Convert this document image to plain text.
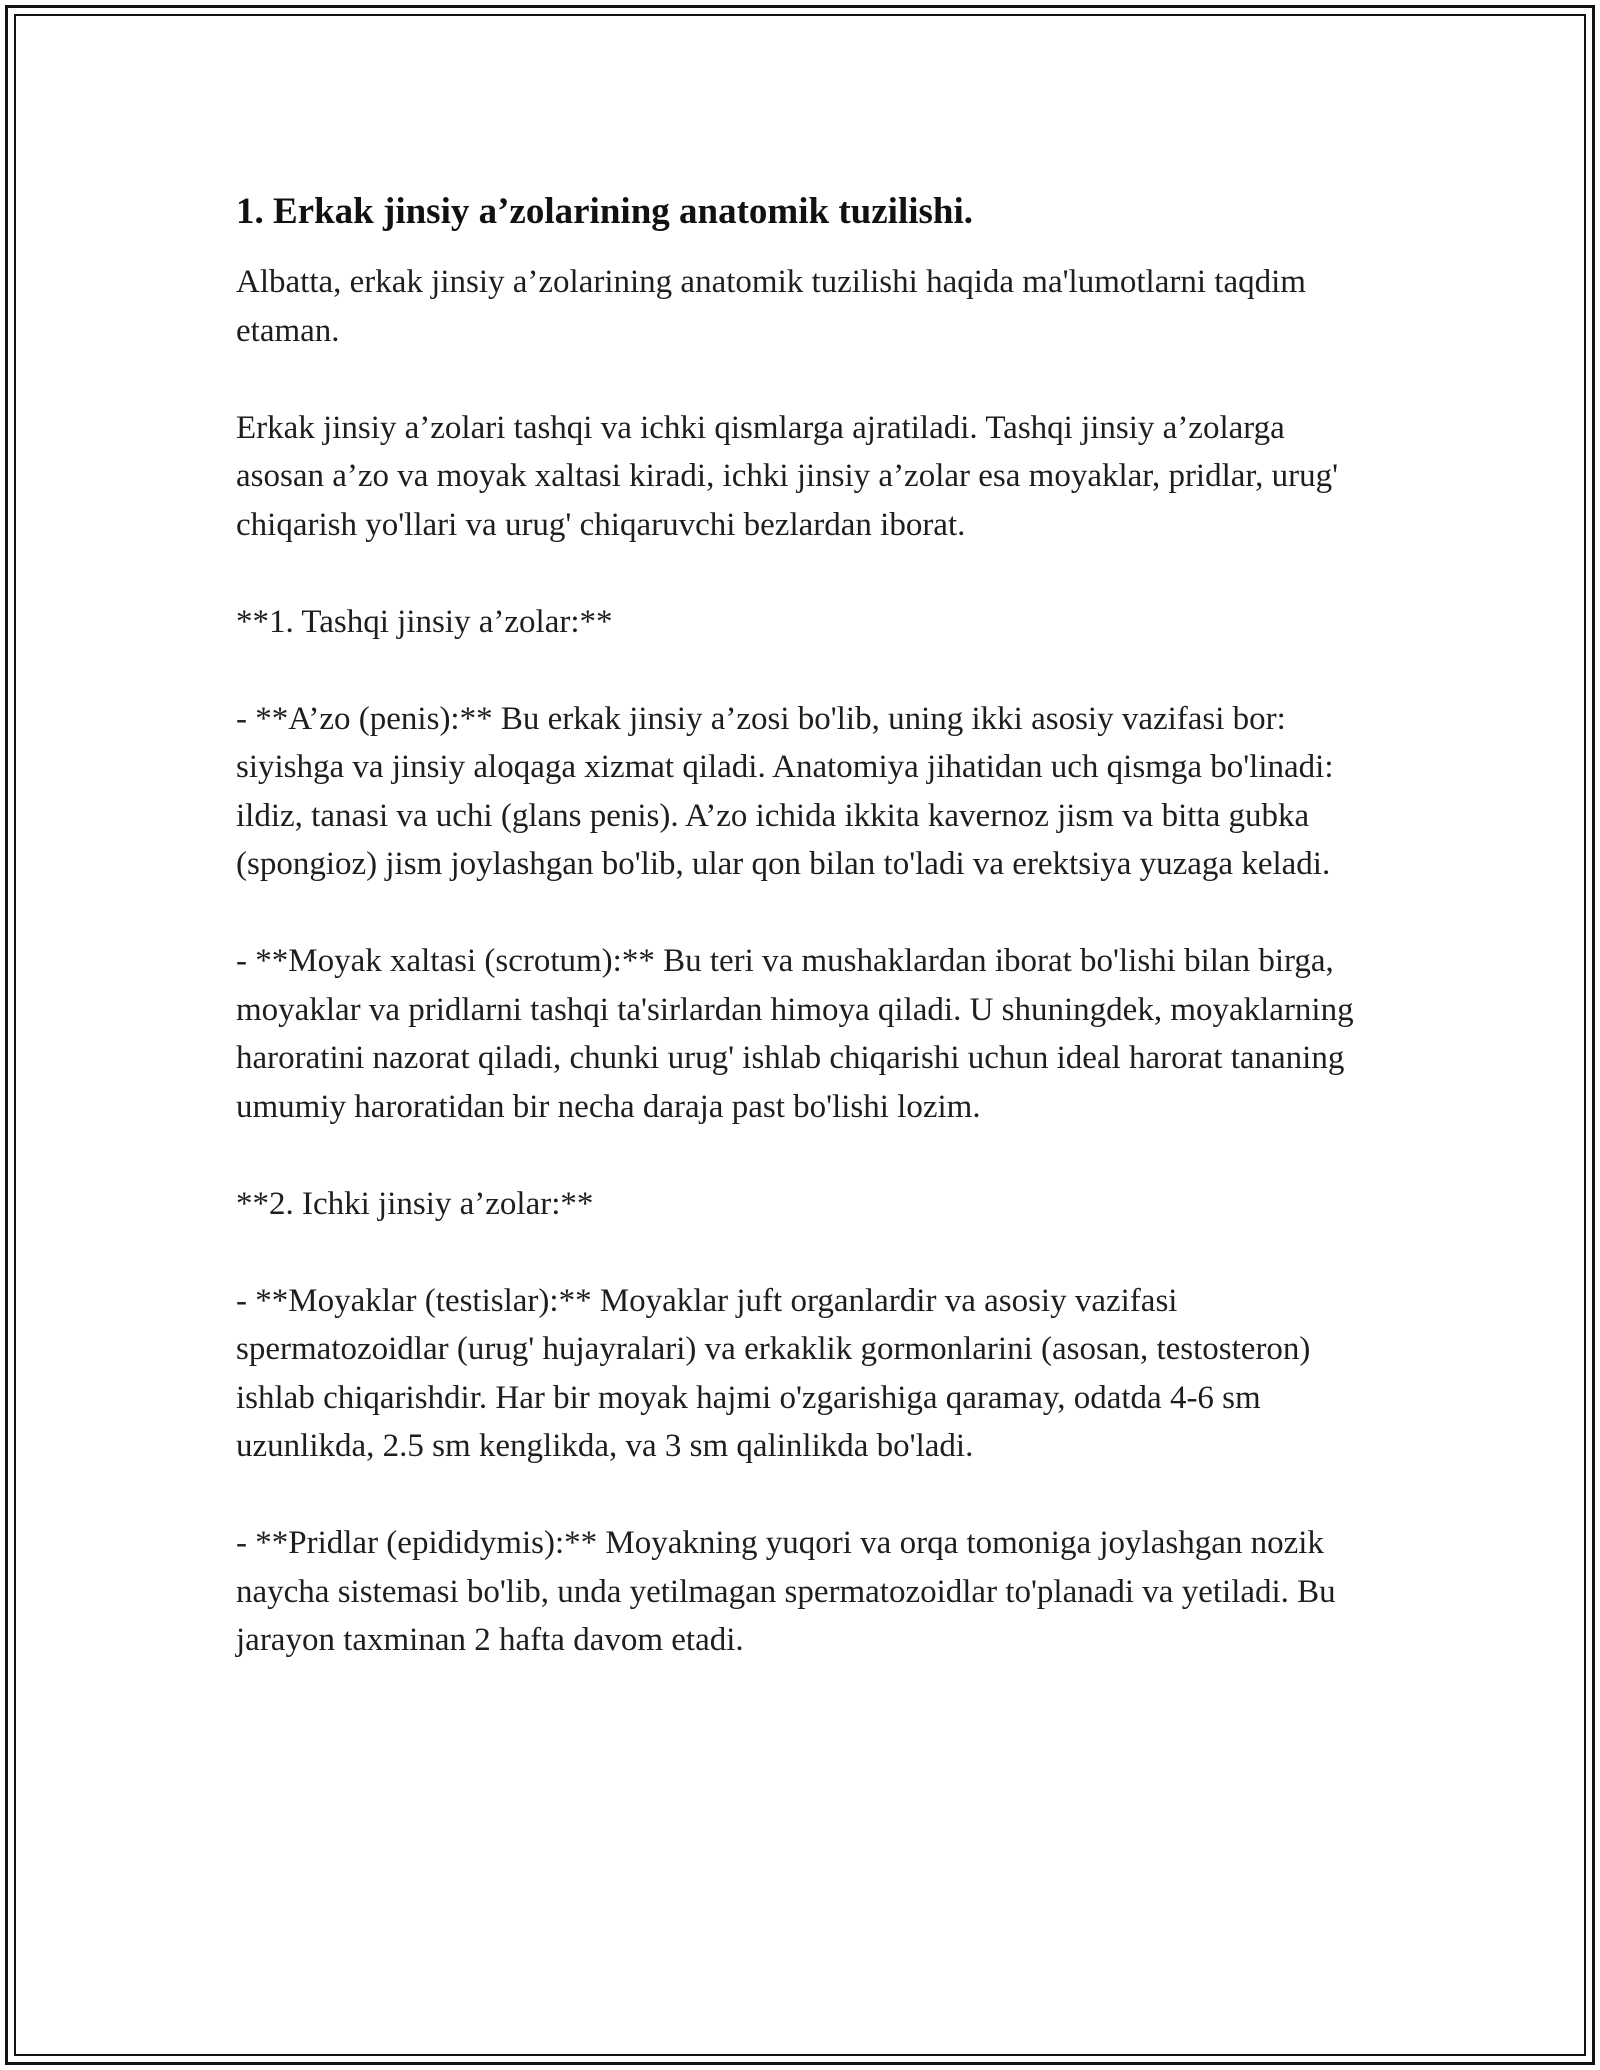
1. Erkak jinsiy a’zolarining anatomik tuzilishi.

Albatta, erkak jinsiy a’zolarining anatomik tuzilishi haqida ma'lumotlarni taqdim etaman.

Erkak jinsiy a’zolari tashqi va ichki qismlarga ajratiladi. Tashqi jinsiy a’zolarga asosan a’zo va moyak xaltasi kiradi, ichki jinsiy a’zolar esa moyaklar, pridlar, urug' chiqarish yo'llari va urug' chiqaruvchi bezlardan iborat.

**1. Tashqi jinsiy a’zolar:**

- **A’zo (penis):** Bu erkak jinsiy a’zosi bo'lib, uning ikki asosiy vazifasi bor: siyishga va jinsiy aloqaga xizmat qiladi. Anatomiya jihatidan uch qismga bo'linadi: ildiz, tanasi va uchi (glans penis). A’zo ichida ikkita kavernoz jism va bitta gubka (spongioz) jism joylashgan bo'lib, ular qon bilan to'ladi va erektsiya yuzaga keladi.

- **Moyak xaltasi (scrotum):** Bu teri va mushaklardan iborat bo'lishi bilan birga, moyaklar va pridlarni tashqi ta'sirlardan himoya qiladi. U shuningdek, moyaklarning haroratini nazorat qiladi, chunki urug' ishlab chiqarishi uchun ideal harorat tananing umumiy haroratidan bir necha daraja past bo'lishi lozim.

**2. Ichki jinsiy a’zolar:**

- **Moyaklar (testislar):** Moyaklar juft organlardir va asosiy vazifasi spermatozoidlar (urug' hujayralari) va erkaklik gormonlarini (asosan, testosteron) ishlab chiqarishdir. Har bir moyak hajmi o'zgarishiga qaramay, odatda 4-6 sm uzunlikda, 2.5 sm kenglikda, va 3 sm qalinlikda bo'ladi.

- **Pridlar (epididymis):** Moyakning yuqori va orqa tomoniga joylashgan nozik naycha sistemasi bo'lib, unda yetilmagan spermatozoidlar to'planadi va yetiladi. Bu jarayon taxminan 2 hafta davom etadi.
